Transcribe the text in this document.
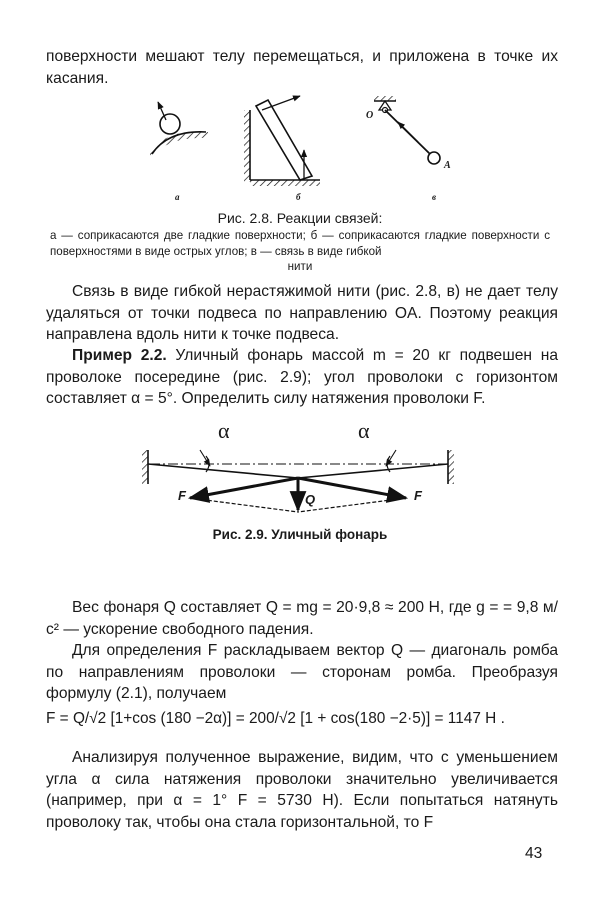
поверхности мешают телу перемещаться, и приложена в точке их касания.

а	б	в
O
A
Рис. 2.8. Реакции связей:
а — соприкасаются две гладкие поверхности; б — соприкасаются гладкие поверхности с поверхностями в виде острых углов; в — связь в виде гибкой
нити

Связь в виде гибкой нерастяжимой нити (рис. 2.8, в) не дает телу удаляться от точки подвеса по направлению OA. Поэтому реакция направлена вдоль нити к точке подвеса.

Пример 2.2. Уличный фонарь массой m = 20 кг подвешен на проволоке посередине (рис. 2.9); угол проволоки с горизонтом составляет α = 5°. Определить силу натяжения проволоки F.

α	α
F	F
Q
Рис. 2.9. Уличный фонарь

Вес фонаря Q составляет Q = mg = 20·9,8 ≈ 200 H, где g = = 9,8 м/с² — ускорение свободного падения.

Для определения F раскладываем вектор Q — диагональ ромба по направлениям проволоки — сторонам ромба. Преобразуя формулу (2.1), получаем

F = Q/√2 [1+cos (180 −2α)] = 200/√2 [1 + cos(180 −2·5)] = 1147 H .

Анализируя полученное выражение, видим, что с уменьшением угла α сила натяжения проволоки значительно увеличивается (например, при α = 1° F = 5730 H). Если попытаться натянуть проволоку так, чтобы она стала горизонтальной, то F

43
